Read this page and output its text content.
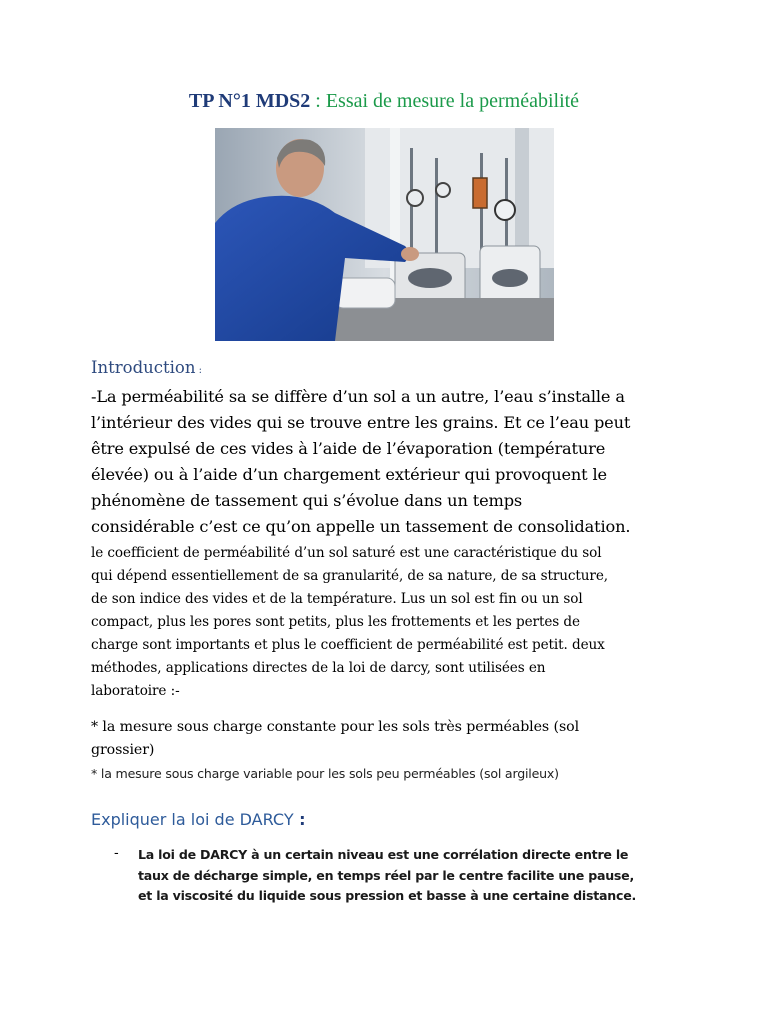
TP N°1 MDS2 : Essai de mesure la perméabilité
Introduction :

-La perméabilité sa se diffère d’un sol a un autre, l’eau s’installe a

l’intérieur des vides qui se trouve entre les grains. Et ce l’eau peut

être expulsé de ces vides à l’aide de l’évaporation (température

élevée) ou à l’aide d’un chargement extérieur qui provoquent le

phénomène de tassement qui s’évolue dans un temps

considérable c’est ce qu’on appelle un tassement de consolidation.

le coefficient de perméabilité d’un sol saturé est une caractéristique du sol

qui dépend essentiellement de sa granularité, de sa nature, de sa structure,

de son indice des vides et de la température. Lus un sol est fin ou un sol

compact, plus les pores sont petits, plus les frottements et les pertes de

charge sont importants et plus le coefficient de perméabilité est petit. deux

méthodes, applications directes de la loi de darcy, sont utilisées en

laboratoire :-

* la mesure sous charge constante pour les sols très perméables (sol

grossier)

* la mesure sous charge variable pour les sols peu perméables (sol argileux)
Expliquer la loi de DARCY :
- La loi de DARCY à un certain niveau est une corrélation directe entre le

taux de décharge simple, en temps réel par le centre facilite une pause,

et la viscosité du liquide sous pression et basse à une certaine distance.
